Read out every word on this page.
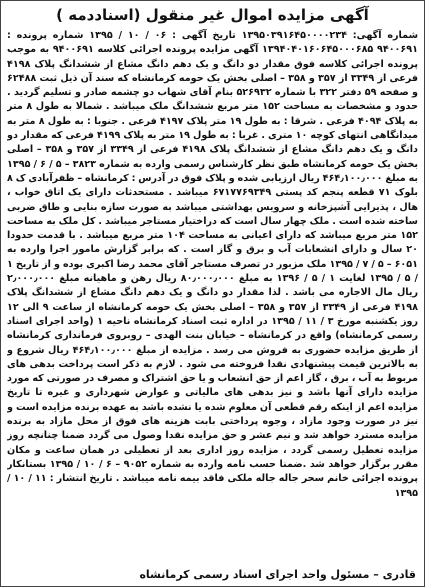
آگهی مزایده اموال غیر منقول (اسناددمه )

شماره آگهی: ۱۳۹۵۰۳۹۱۶۴۵۰۰۰۰۲۳۴ تاریخ آگهی : ۰۶ / ۱۰ / ۱۳۹۵ شماره پرونده : ۹۴۰۰۶۹۱ ۱۳۹۴۰۴۰۱۶۰۶۴۵۰۰۰۶۸۵ آگهی مزایده پرونده اجرائی کلاسه ۹۴۰۰۶۹۱ به موجب پرونده اجرائی کلاسه فوق مقدار دو دانگ و یک دهم دانگ مشاع از ششدانگ پلاک ۴۱۹۸ فرعی از ۳۳۴۹ از ۳۵۷ و ۳۵۸ – اصلی بخش یک حومه کرمانشاه که سند آن ذیل ثبت ۶۲۴۸۸ و صفحه ۵۹ دفتر ۳۲۲ با شماره ۵۲۶۹۳۲ بنام آقای شهاب دو چشمه صادر و تسلیم گردید . حدود و مشخصات به مساحت ۱۵۲ متر مربع ششدانگ ملک میباشد . شمالا به طول ۸ متر به پلاک ۴۰۹۴ فرعی . شرقا : به طول ۱۹ متر پلاک ۴۱۹۷ فرعی . جنوبا : به طول ۸ متر به میدانگاهی انتهای کوچه ۱۰ متری . غربا : به طول ۱۹ متر به پلاک ۴۱۹۹ فرعی که مقدار دو دانگ و یک دهم دانگ مشاع از ششدانگ پلاک ۴۱۹۸ فرعی از ۳۳۴۹ از ۳۵۷ و ۳۵۸ – اصلی بخش یک حومه کرمانشاه طبق نظر کارشناس رسمی وارده به شماره ۳۸۲۳ – ۵ / ۶ / ۱۳۹۵ به مبلغ ۴۶۴٫۱۰۰٫۰۰۰ ریال ارزیابی شده و پلاک فوق در آدرس : کرمانشاه – ظفرآبادی ک ۸ بلوک ۷۱ قطعه پنجم کد پستی ۶۷۱۷۷۶۹۳۴۹ میباشد . مستحدثات دارای یک اتاق خواب ، هال ، پذیرایی آشپزخانه و سرویس بهداشتی میباشد به صورت سازه بنایی و طاق ضربی ساخته شده است . ملک چهار سال است که دراختیار مستاجر میباشد . کل ملک به مساحت ۱۵۲ متر مربع میباشد که دارای اعیانی به مساحت ۱۰۴ متر مربع میباشد . با قدمت حدودا ۲۰ سال و دارای انشعابات آب و برق و گاز است . که برابر گزارش مامور اجرا وارده به ۶۰۵۱ – ۵ / ۷ / ۱۳۹۵ ملک مزبور در تصرف مستاجر آقای محمد رضا اکبری بوده و از تاریخ ۱ / ۵ / ۱۳۹۵ لغایت ۱ / ۵ / ۱۳۹۶ به مبلغ ۸۰٫۰۰۰٫۰۰۰ ریال رهن و ماهیانه مبلغ ۲٫۰۰۰٫۰۰۰ ریال مال الاجاره می باشد . لذا مقدار دو دانگ و یک دهم دانگ مشاع از ششدانگ پلاک ۴۱۹۸ فرعی از ۳۳۴۹ از ۳۵۷ و ۳۵۸ – اصلی بخش یک حومه کرمانشاه از ساعت ۹ الی ۱۲ روز یکشنبه مورخ ۳ / ۱۱ / ۱۳۹۵ در اداره ثبت اسناد کرمانشاه ناحیه ۱ (واحد اجرای اسناد رسمی کرمانشاه) واقع در کرمانشاه – خیابان بنت الهدی – روبروی فرمانداری کرمانشاه از طریق مزایده حضوری به فروش می رسد . مزایده از مبلغ ۴۶۴٫۱۰۰٫۰۰۰ ریال شروع و به بالاترین قیمت پیشنهادی نقدا فروخته می شود . لازم به ذکر است پرداخت بدهی های مربوط به آب ، برق ، گاز اعم از حق انشعاب و یا حق اشتراک و مصرف در صورتی که مورد مزایده دارای آنها باشد و نیز بدهی های مالیاتی و عوارض شهرداری و غیره تا تاریخ مزایده اعم از اینکه رقم قطعی آن معلوم شده یا نشده باشد به عهده برنده مزایده است و نیز در صورت وجود مازاد ، وجوه پرداختی بابت هزینه های فوق از محل مازاد به برنده مزایده مسترد خواهد شد و نیم عشر و حق مزایده نقدا وصول می گردد ضمنا چنانچه روز مزایده تعطیل رسمی گردد ، مزایده روز اداری بعد از تعطیلی در همان ساعت و مکان مقرر برگزار خواهد شد .ضمنا حسب نامه وارده به شماره ۹۰۵۲ – ۶ / ۱۰ / ۱۳۹۵ بستانکار پرونده اجرائی خانم سحر جاله جاله ملکی فاقد بیمه نامه میباشد . تاریخ انتشار : ۱۱ / ۱۰ / ۱۳۹۵

قادری – مسئول واحد اجرای اسناد رسمی کرمانشاه
